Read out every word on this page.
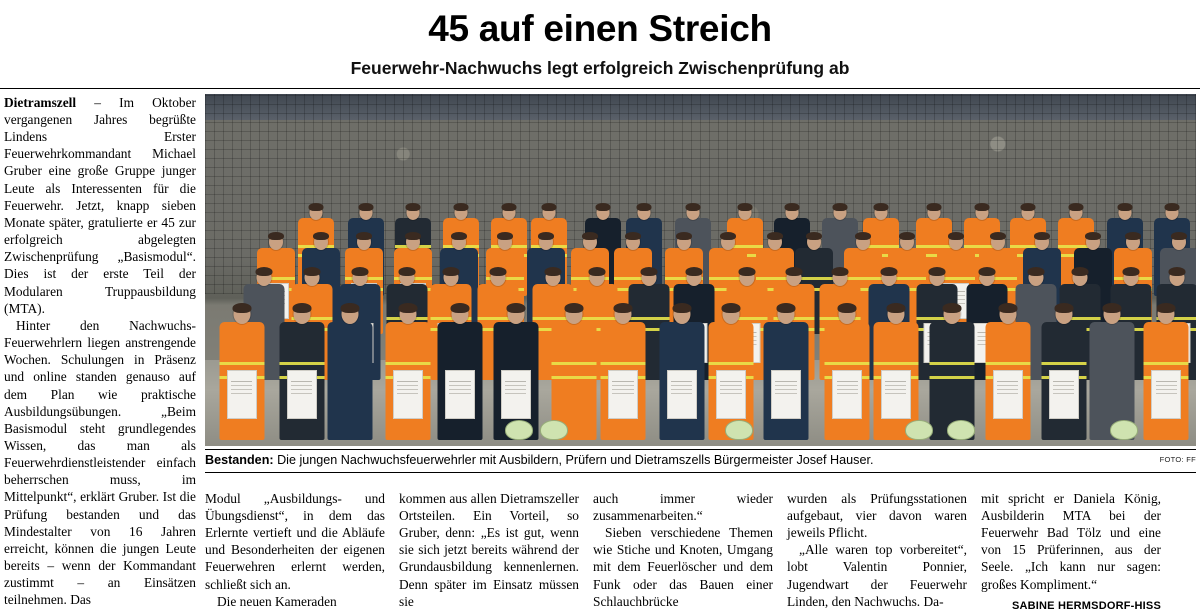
45 auf einen Streich
Feuerwehr-Nachwuchs legt erfolgreich Zwischenprüfung ab

Dietramszell – Im Oktober vergangenen Jahres begrüßte Lindens Erster Feuerwehrkommandant Michael Gruber eine große Gruppe junger Leute als Interessenten für die Feuerwehr. Jetzt, knapp sieben Monate später, gratulierte er 45 zur erfolgreich abgelegten Zwischenprüfung „Basismodul“. Dies ist der erste Teil der Modularen Truppausbildung (MTA).

Hinter den Nachwuchs-Feuerwehrlern liegen anstrengende Wochen. Schulungen in Präsenz und online standen genauso auf dem Plan wie praktische Ausbildungsübungen. „Beim Basismodul steht grundlegendes Wissen, das man als Feuerwehrdienstleistender einfach beherrschen muss, im Mittelpunkt“, erklärt Gruber. Ist die Prüfung bestanden und das Mindestalter von 16 Jahren erreicht, können die jungen Leute bereits – wenn der Kommandant zustimmt – an Einsätzen teilnehmen. Das

Bestanden: Die jungen Nachwuchsfeuerwehrler mit Ausbildern, Prüfern und Dietramszells Bürgermeister Josef Hauser.	FOTO: FF

Modul „Ausbildungs- und Übungsdienst“, in dem das Erlernte vertieft und die Abläufe und Besonderheiten der eigenen Feuerwehren erlernt werden, schließt sich an.

Die neuen Kameraden

kommen aus allen Dietramszeller Ortsteilen. Ein Vorteil, so Gruber, denn: „Es ist gut, wenn sie sich jetzt bereits während der Grundausbildung kennenlernen. Denn später im Einsatz müssen sie

auch immer wieder zusammenarbeiten.“

Sieben verschiedene Themen wie Stiche und Knoten, Umgang mit dem Feuerlöscher und dem Funk oder das Bauen einer Schlauchbrücke

wurden als Prüfungsstationen aufgebaut, vier davon waren jeweils Pflicht.

„Alle waren top vorbereitet“, lobt Valentin Ponnier, Jugendwart der Feuerwehr Linden, den Nachwuchs. Da-

mit spricht er Daniela König, Ausbilderin MTA bei der Feuerwehr Bad Tölz und eine von 15 Prüferinnen, aus der Seele. „Ich kann nur sagen: großes Kompliment.“

SABINE HERMSDORF-HISS
